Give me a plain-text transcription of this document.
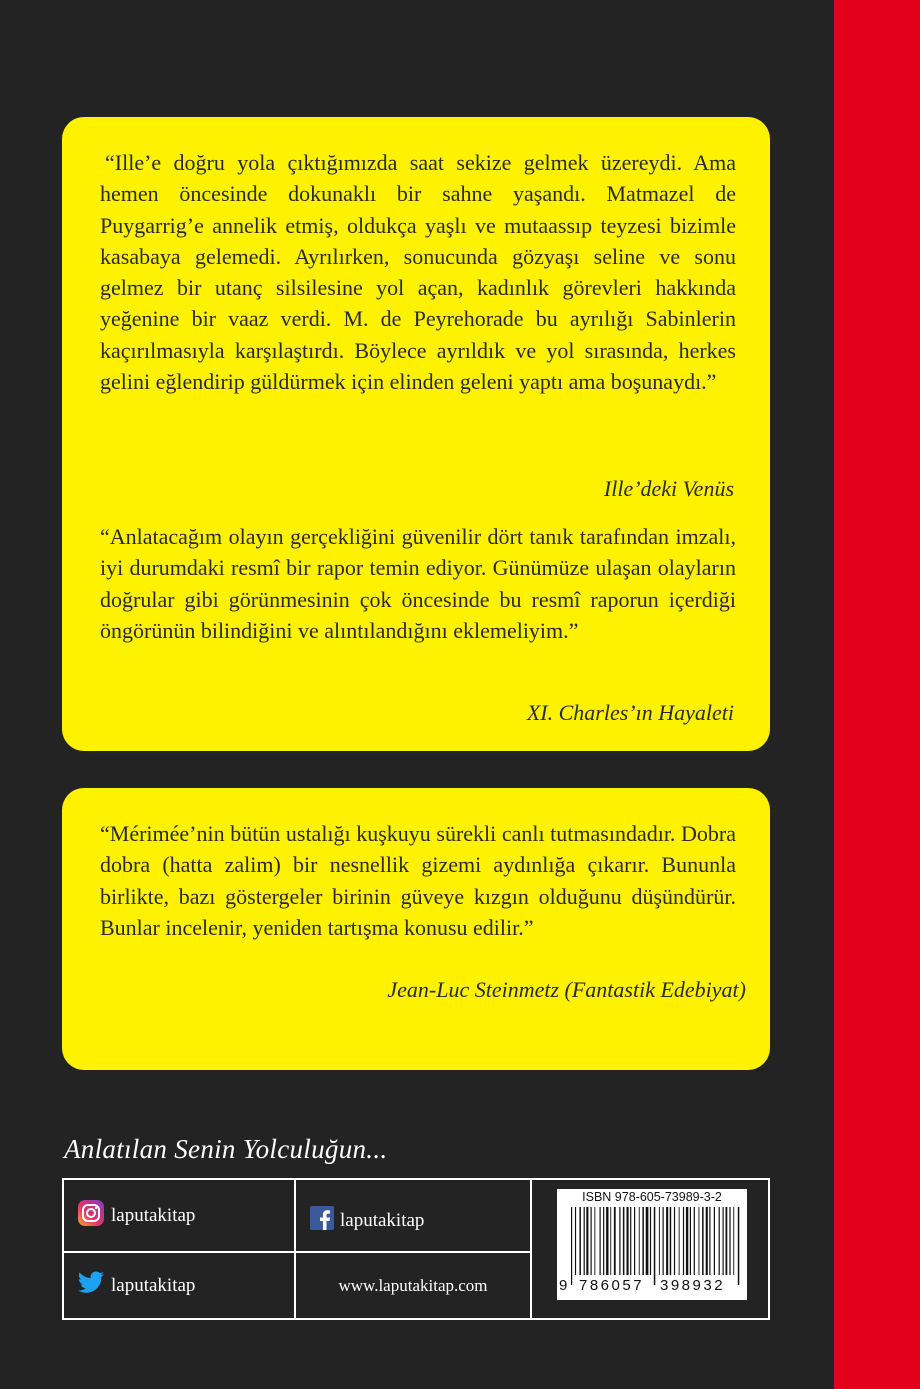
“Ille’e doğru yola çıktığımızda saat sekize gelmek üzereydi. Ama hemen öncesinde dokunaklı bir sahne yaşandı. Matmazel de Puygarrig’e annelik etmiş, oldukça yaşlı ve mutaassıp teyzesi bizimle kasabaya gelemedi. Ayrılırken, sonucunda gözyaşı seline ve sonu gelmez bir utanç silsilesine yol açan, kadınlık görevleri hakkında yeğenine bir vaaz verdi. M. de Peyrehorade bu ayrılığı Sabinlerin kaçırılmasıyla karşılaştırdı. Böylece ayrıldık ve yol sırasında, herkes gelini eğlendirip güldürmek için elinden geleni yaptı ama boşunaydı.”

Ille’deki Venüs

“Anlatacağım olayın gerçekliğini güvenilir dört tanık tarafından imzalı, iyi durumdaki resmî bir rapor temin ediyor. Günümüze ulaşan olayların doğrular gibi görünmesinin çok öncesinde bu resmî raporun içerdiği öngörünün bilindiğini ve alıntılandığını eklemeliyim.”

XI. Charles’ın Hayaleti

“Mérimée’nin bütün ustalığı kuşkuyu sürekli canlı tutmasındadır. Dobra dobra (hatta zalim) bir nesnellik gizemi aydınlığa çıkarır. Bununla birlikte, bazı göstergeler birinin güveye kızgın olduğunu düşündürür. Bunlar incelenir, yeniden tartışma konusu edilir.”

Jean-Luc Steinmetz (Fantastik Edebiyat)
Anlatılan Senin Yolculuğun...
laputakitap	laputakitap
laputakitap	www.laputakitap.com
ISBN 978-605-73989-3-2
9 786057 398932
